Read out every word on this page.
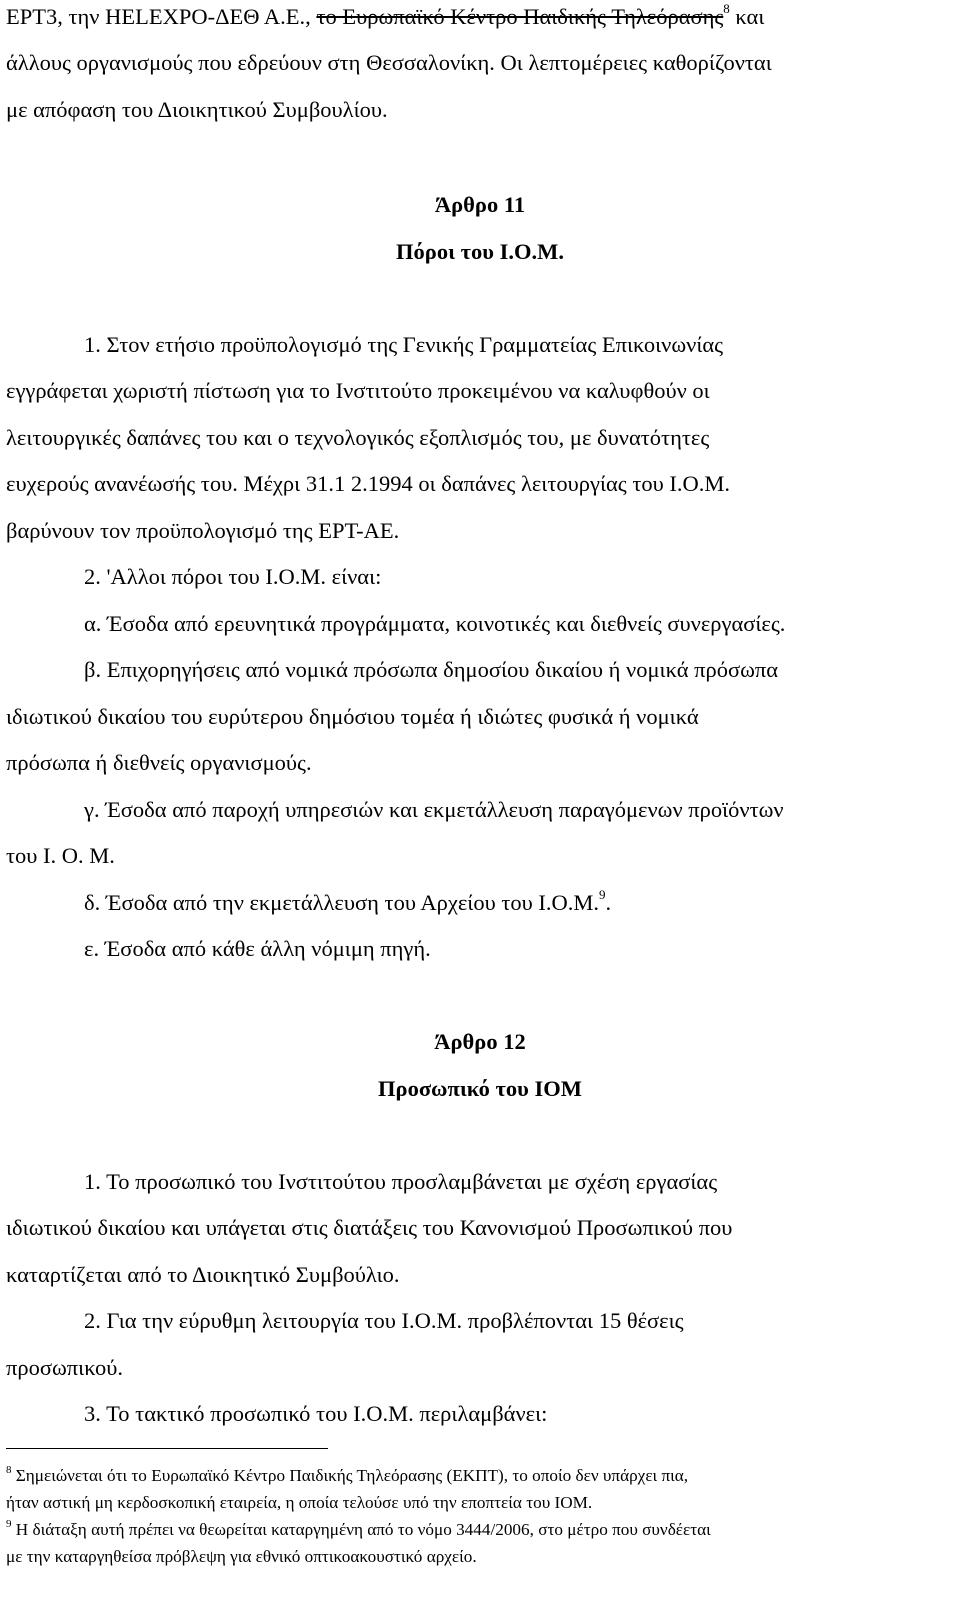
ΕΡΤ3, την HELEXPO-ΔΕΘ Α.Ε., το Ευρωπαϊκό Κέντρο Παιδικής Τηλεόρασης$^8$ και
άλλους οργανισμούς που εδρεύουν στη Θεσσαλονίκη. Οι λεπτομέρειες καθορίζονται
με απόφαση του Διοικητικού Συμβουλίου.
Άρθρο 11
Πόροι του Ι.Ο.Μ.
1. Στον ετήσιο προϋπολογισμό της Γενικής Γραμματείας Επικοινωνίας
εγγράφεται χωριστή πίστωση για το Ινστιτούτο προκειμένου να καλυφθούν οι
λειτουργικές δαπάνες του και ο τεχνολογικός εξοπλισμός του, με δυνατότητες
ευχερούς ανανέωσής του. Μέχρι 31.1 2.1994 οι δαπάνες λειτουργίας του Ι.Ο.Μ.
βαρύνουν τον προϋπολογισμό της ΕΡΤ-ΑΕ.
2. 'Αλλοι πόροι του Ι.Ο.Μ. είναι:
α. Έσοδα από ερευνητικά προγράμματα, κοινοτικές και διεθνείς συνεργασίες.
β. Επιχορηγήσεις από νομικά πρόσωπα δημοσίου δικαίου ή νομικά πρόσωπα
ιδιωτικού δικαίου του ευρύτερου δημόσιου τομέα ή ιδιώτες φυσικά ή νομικά
πρόσωπα ή διεθνείς οργανισμούς.
γ. Έσοδα από παροχή υπηρεσιών και εκμετάλλευση παραγόμενων προϊόντων
του Ι. Ο. Μ.
δ. Έσοδα από την εκμετάλλευση του Αρχείου του Ι.Ο.Μ.$^9$.
ε. Έσοδα από κάθε άλλη νόμιμη πηγή.
Άρθρο 12
Προσωπικό του ΙΟΜ
1. Το προσωπικό του Ινστιτούτου προσλαμβάνεται με σχέση εργασίας
ιδιωτικού δικαίου και υπάγεται στις διατάξεις του Κανονισμού Προσωπικού που
καταρτίζεται από το Διοικητικό Συμβούλιο.
2. Για την εύρυθμη λειτουργία του Ι.Ο.Μ. προβλέπονται 15 θέσεις
προσωπικού.
3. Το τακτικό προσωπικό του Ι.Ο.Μ. περιλαμβάνει:
$^8$ Σημειώνεται ότι το Ευρωπαϊκό Κέντρο Παιδικής Τηλεόρασης (ΕΚΠΤ), το οποίο δεν υπάρχει πια,
ήταν αστική μη κερδοσκοπική εταιρεία, η οποία τελούσε υπό την εποπτεία του ΙΟΜ.
$^9$ Η διάταξη αυτή πρέπει να θεωρείται καταργημένη από το νόμο 3444/2006, στο μέτρο που συνδέεται
με την καταργηθείσα πρόβλεψη για εθνικό οπτικοακουστικό αρχείο.
